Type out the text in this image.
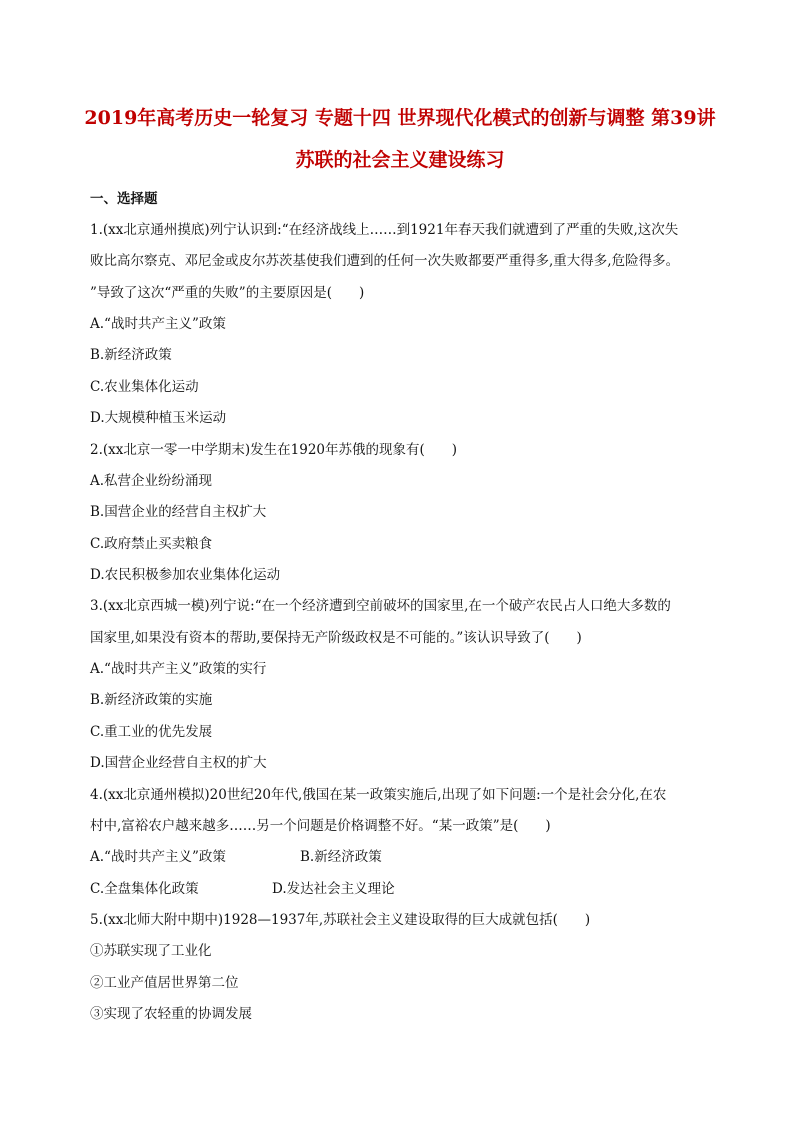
2019年高考历史一轮复习 专题十四 世界现代化模式的创新与调整 第39讲
苏联的社会主义建设练习
一、选择题
1.(xx北京通州摸底)列宁认识到:“在经济战线上……到1921年春天我们就遭到了严重的失败,这次失
败比高尔察克、邓尼金或皮尔苏茨基使我们遭到的任何一次失败都要严重得多,重大得多,危险得多。
”导致了这次“严重的失败”的主要原因是(　　)
A.“战时共产主义”政策
B.新经济政策
C.农业集体化运动
D.大规模种植玉米运动
2.(xx北京一零一中学期末)发生在1920年苏俄的现象有(　　)
A.私营企业纷纷涌现
B.国营企业的经营自主权扩大
C.政府禁止买卖粮食
D.农民积极参加农业集体化运动
3.(xx北京西城一模)列宁说:“在一个经济遭到空前破坏的国家里,在一个破产农民占人口绝大多数的
国家里,如果没有资本的帮助,要保持无产阶级政权是不可能的。”该认识导致了(　　)
A.“战时共产主义”政策的实行
B.新经济政策的实施
C.重工业的优先发展
D.国营企业经营自主权的扩大
4.(xx北京通州模拟)20世纪20年代,俄国在某一政策实施后,出现了如下问题:一个是社会分化,在农
村中,富裕农户越来越多……另一个问题是价格调整不好。“某一政策”是(　　)
A.“战时共产主义”政策	B.新经济政策
C.全盘集体化政策	D.发达社会主义理论
5.(xx北师大附中期中)1928—1937年,苏联社会主义建设取得的巨大成就包括(　　)
①苏联实现了工业化
②工业产值居世界第二位
③实现了农轻重的协调发展
